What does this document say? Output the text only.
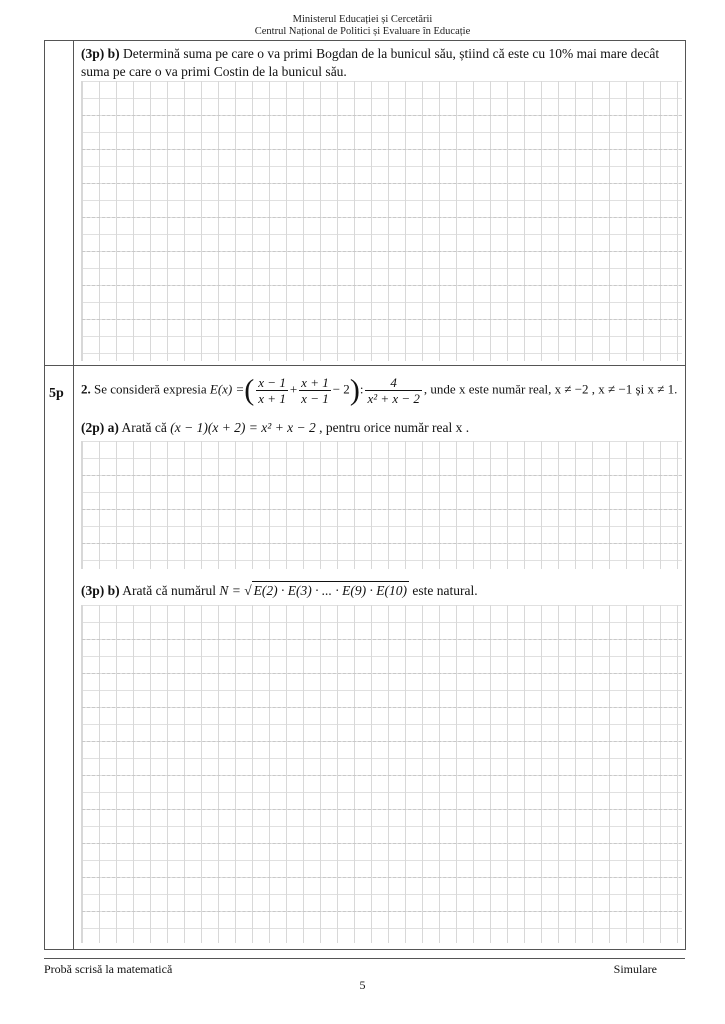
Ministerul Educației și Cercetării
Centrul Național de Politici și Evaluare în Educație
(3p) b) Determină suma pe care o va primi Bogdan de la bunicul său, știind că este cu 10% mai mare decât suma pe care o va primi Costin de la bunicul său.
5p 2. Se consideră expresia E(x) =( $\frac{x - 1}{x + 1} + \frac{x + 1}{x - 1} - 2$): $\frac{4}{\text{x² + x − 2}}$ , unde x este număr real, x ≠ −2 , x ≠ −1 și x ≠ 1.
(2p) a) Arată că (x − 1)(x + 2) = x² + x − 2 , pentru orice număr real x .
(3p) b) Arată că numărul N = √ E(2) · E(3) · ... · E(9) · E(10) este natural.
Probă scrisă la matematică	Simulare
5
